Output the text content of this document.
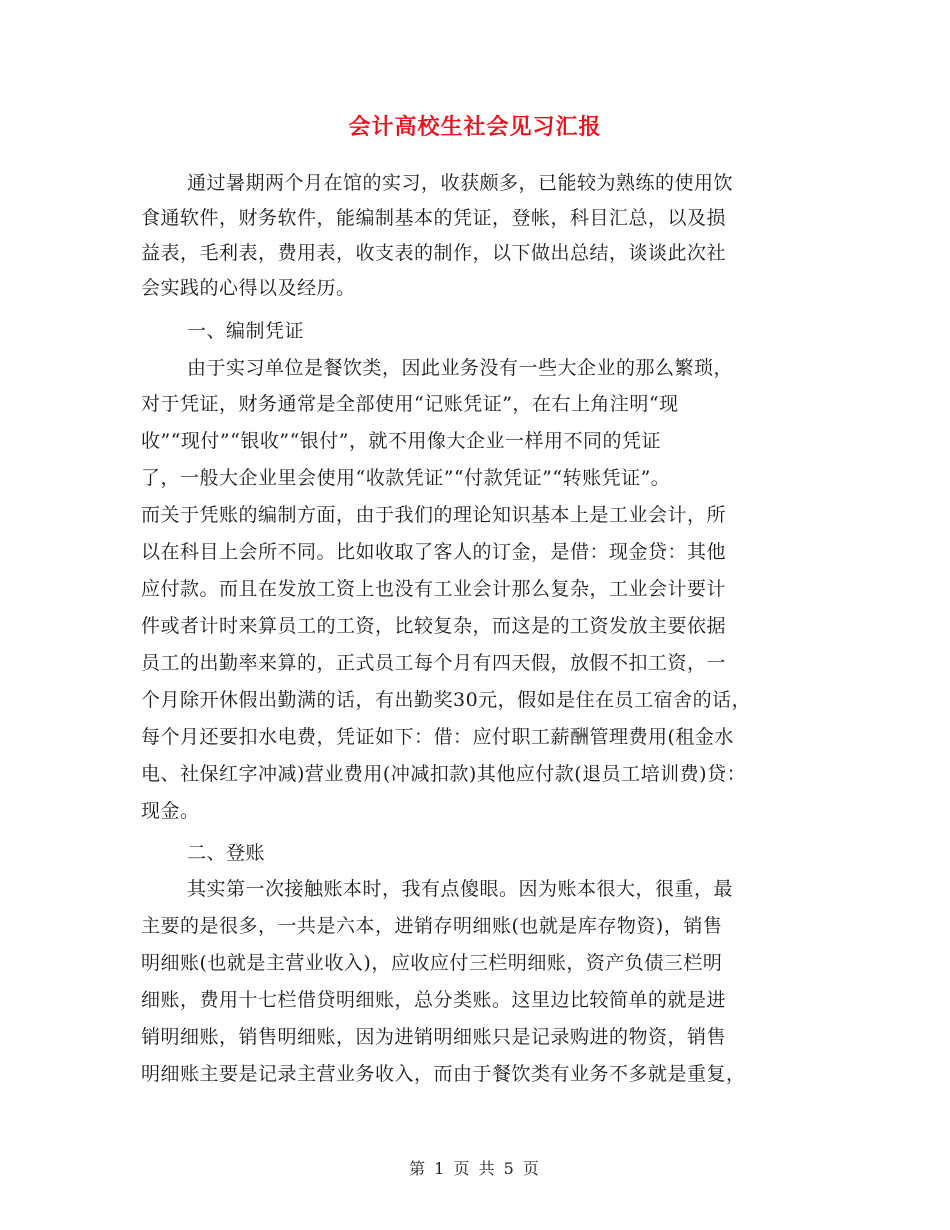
会计高校生社会见习汇报
通过暑期两个月在馆的实习，收获颇多，已能较为熟练的使用饮
食通软件，财务软件，能编制基本的凭证，登帐，科目汇总，以及损
益表，毛利表，费用表，收支表的制作，以下做出总结，谈谈此次社
会实践的心得以及经历。
一、编制凭证
由于实习单位是餐饮类，因此业务没有一些大企业的那么繁琐，
对于凭证，财务通常是全部使用“记账凭证”，在右上角注明“现
收”“现付”“银收”“银付”，就不用像大企业一样用不同的凭证
了，一般大企业里会使用“收款凭证”“付款凭证”“转账凭证”。
而关于凭账的编制方面，由于我们的理论知识基本上是工业会计，所
以在科目上会所不同。比如收取了客人的订金，是借：现金贷：其他
应付款。而且在发放工资上也没有工业会计那么复杂，工业会计要计
件或者计时来算员工的工资，比较复杂，而这是的工资发放主要依据
员工的出勤率来算的，正式员工每个月有四天假，放假不扣工资，一
个月除开休假出勤满的话，有出勤奖30元，假如是住在员工宿舍的话，
每个月还要扣水电费，凭证如下：借：应付职工薪酬管理费用(租金水
电、社保红字冲减)营业费用(冲减扣款)其他应付款(退员工培训费)贷：
现金。
二、登账
其实第一次接触账本时，我有点傻眼。因为账本很大，很重，最
主要的是很多，一共是六本，进销存明细账(也就是库存物资)，销售
明细账(也就是主营业收入)，应收应付三栏明细账，资产负债三栏明
细账，费用十七栏借贷明细账，总分类账。这里边比较简单的就是进
销明细账，销售明细账，因为进销明细账只是记录购进的物资，销售
明细账主要是记录主营业务收入，而由于餐饮类有业务不多就是重复，
第 1 页 共 5 页
